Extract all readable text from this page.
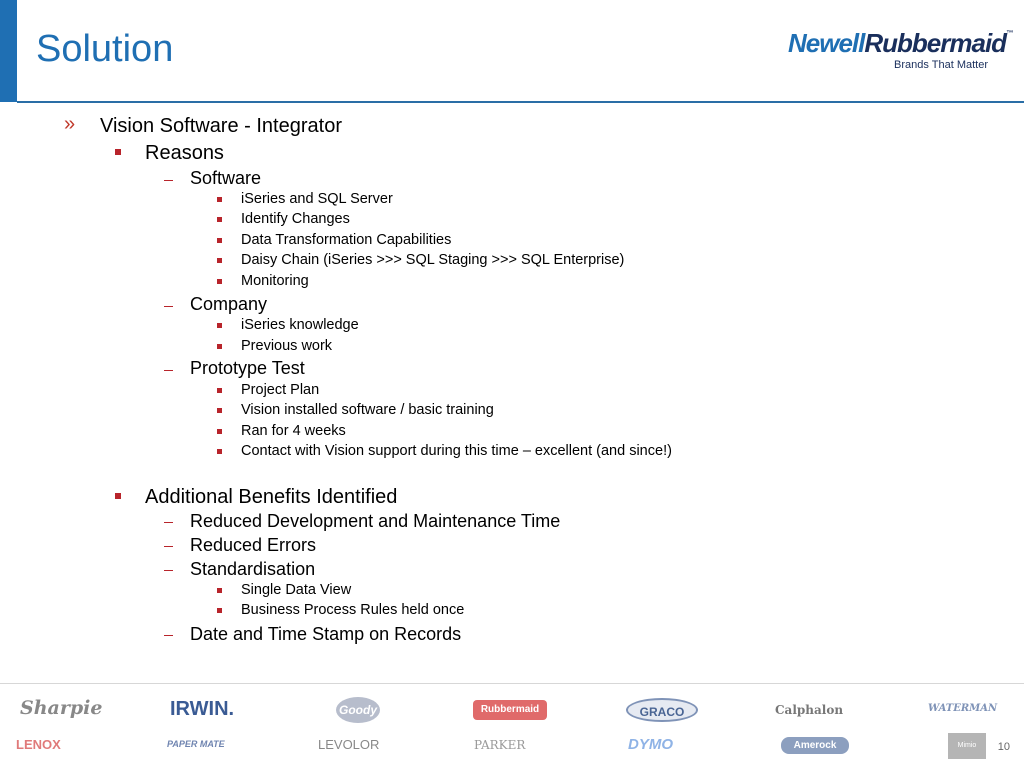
Solution	NewellRubbermaid™
Brands That Matter
» Vision Software - Integrator
Reasons
Software
iSeries and SQL Server
Identify Changes
Data Transformation Capabilities
Daisy Chain (iSeries >>> SQL Staging >>> SQL Enterprise)
Monitoring
Company
iSeries knowledge
Previous work
Prototype Test
Project Plan
Vision installed software / basic training
Ran for 4 weeks
Contact with Vision support during this time – excellent (and since!)
Additional Benefits Identified
Reduced Development and Maintenance Time
Reduced Errors
Standardisation
Single Data View
Business Process Rules held once
Date and Time Stamp on Records
Sharpie	IRWIN.	Goody	Rubbermaid	GRACO	Calphalon	WATERMAN
LENOX	PAPER MATE	LEVOLOR	PARKER	DYMO	Amerock	Mimio	10
